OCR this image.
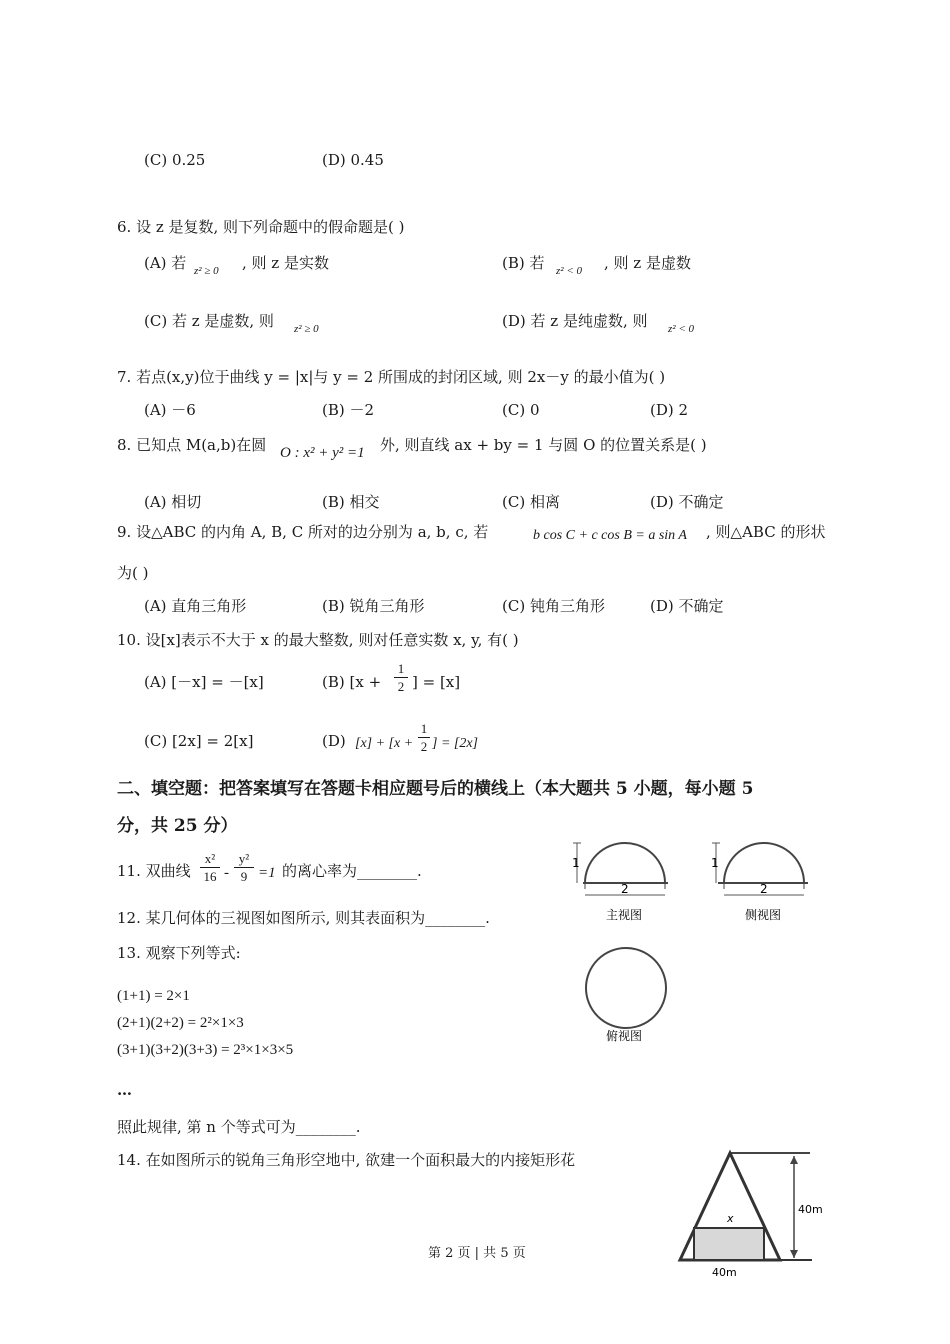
(C) 0.25	(D) 0.45
6. 设 z 是复数, 则下列命题中的假命题是( )
(A) 若 z² ≥ 0 , 则 z 是实数	(B) 若 z² < 0 , 则 z 是虚数
(C) 若 z 是虚数, 则 z² ≥ 0	(D) 若 z 是纯虚数, 则 z² < 0
7. 若点(x,y)位于曲线 y = |x|与 y = 2 所围成的封闭区域, 则 2x－y 的最小值为( )
(A) －6	(B) －2	(C) 0	(D) 2
8. 已知点 M(a,b)在圆 O : x² + y² =1 外, 则直线 ax + by = 1 与圆 O 的位置关系是( )
(A) 相切	(B) 相交	(C) 相离	(D) 不确定
9. 设△ABC 的内角 A, B, C 所对的边分别为 a, b, c, 若	b cos C + c cos B = a sin A , 则△ABC 的形状
为( )
(A) 直角三角形	(B) 锐角三角形	(C) 钝角三角形	(D) 不确定
10. 设[x]表示不大于 x 的最大整数, 则对任意实数 x, y, 有( )
(A) [－x] = －[x]	(B) [x +
1
2 ] = [x]
(C) [2x] = 2[x]	(D) [x] + [x +
1
2 ] = [2x]
二、填空题：把答案填写在答题卡相应题号后的横线上（本大题共 5 小题，每小题 5
分，共 25 分）
11. 双曲线
x²
16 -
y²
9 =1 的离心率为________.
12. 某几何体的三视图如图所示, 则其表面积为________.
13. 观察下列等式:
(1+1) = 2×1
(2+1)(2+2) = 2²×1×3
(3+1)(3+2)(3+3) = 2³×1×3×5
…
照此规律, 第 n 个等式可为________.
14. 在如图所示的锐角三角形空地中, 欲建一个面积最大的内接矩形花
1
2
主视图
1
2
侧视图
俯视图
40m
x
40m
第 2 页 | 共 5 页
